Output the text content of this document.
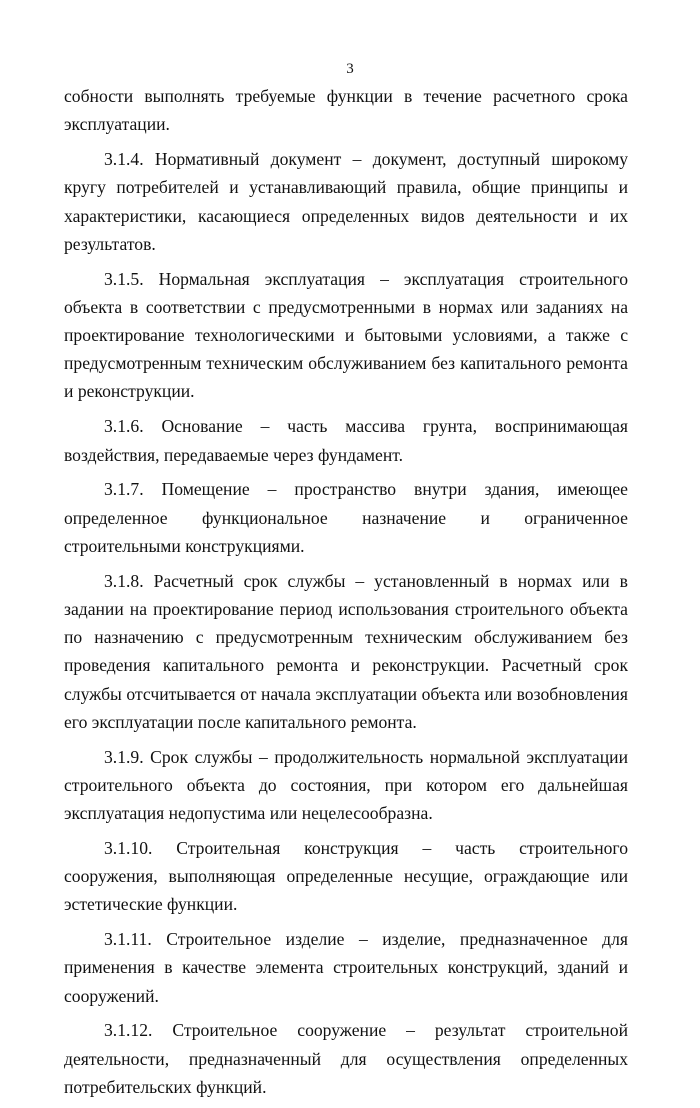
3

собности выполнять требуемые функции в течение расчетного срока эксплуатации.

3.1.4. Нормативный документ – документ, доступный широкому кругу потребителей и устанавливающий правила, общие принципы и характеристики, касающиеся определенных видов деятельности и их результатов.

3.1.5. Нормальная эксплуатация – эксплуатация строительного объекта в соответствии с предусмотренными в нормах или заданиях на проектирование технологическими и бытовыми условиями, а также с предусмотренным техническим обслуживанием без капитального ремонта и реконструкции.

3.1.6. Основание – часть массива грунта, воспринимающая воздействия, передаваемые через фундамент.

3.1.7. Помещение – пространство внутри здания, имеющее определенное функциональное назначение и ограниченное строительными конструкциями.

3.1.8. Расчетный срок службы – установленный в нормах или в задании на проектирование период использования строительного объекта по назначению с предусмотренным техническим обслуживанием без проведения капитального ремонта и реконструкции. Расчетный срок службы отсчитывается от начала эксплуатации объекта или возобновления его эксплуатации после капитального ремонта.

3.1.9. Срок службы – продолжительность нормальной эксплуатации строительного объекта до состояния, при котором его дальнейшая эксплуатация недопустима или нецелесообразна.

3.1.10. Строительная конструкция – часть строительного сооружения, выполняющая определенные несущие, ограждающие или эстетические функции.

3.1.11. Строительное изделие – изделие, предназначенное для применения в качестве элемента строительных конструкций, зданий и сооружений.

3.1.12. Строительное сооружение – результат строительной деятельности, предназначенный для осуществления определенных потребительских функций.
